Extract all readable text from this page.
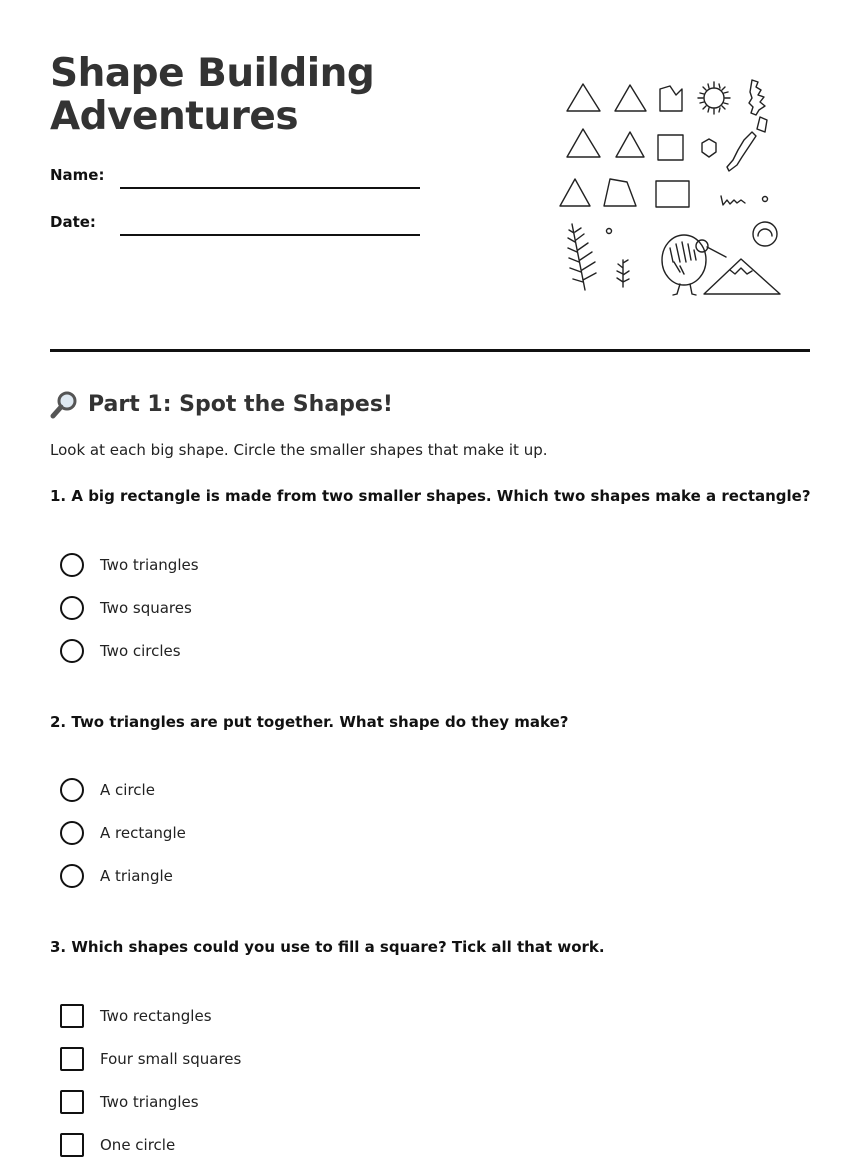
Shape Building
Adventures
Name:
Date:
Part 1: Spot the Shapes!
Look at each big shape. Circle the smaller shapes that make it up.
1. A big rectangle is made from two smaller shapes. Which two shapes make a rectangle?
Two triangles
Two squares
Two circles
2. Two triangles are put together. What shape do they make?
A circle
A rectangle
A triangle
3. Which shapes could you use to fill a square? Tick all that work.
Two rectangles
Four small squares
Two triangles
One circle
